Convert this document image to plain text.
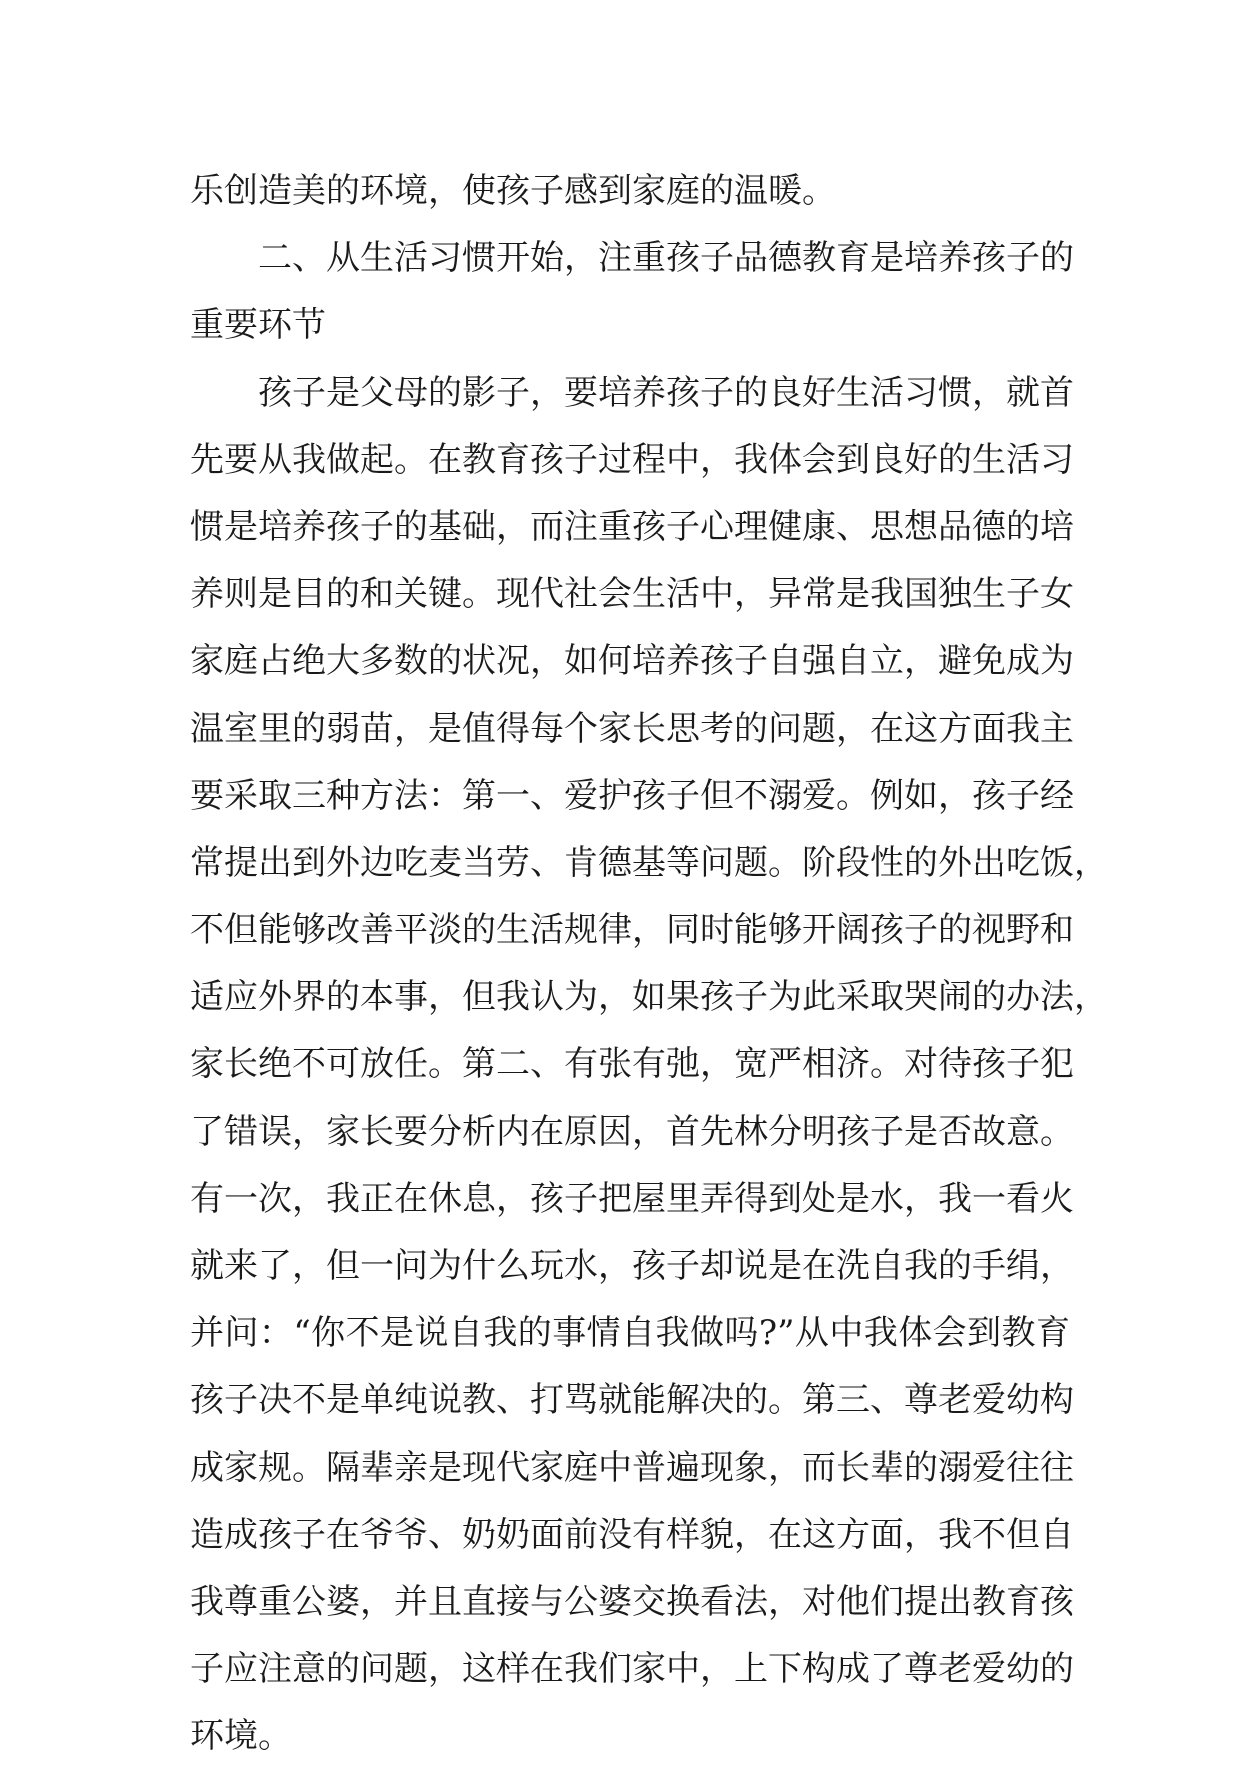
乐创造美的环境，使孩子感到家庭的温暖。
二、从生活习惯开始，注重孩子品德教育是培养孩子的
重要环节
孩子是父母的影子，要培养孩子的良好生活习惯，就首
先要从我做起。在教育孩子过程中，我体会到良好的生活习
惯是培养孩子的基础，而注重孩子心理健康、思想品德的培
养则是目的和关键。现代社会生活中，异常是我国独生子女
家庭占绝大多数的状况，如何培养孩子自强自立，避免成为
温室里的弱苗，是值得每个家长思考的问题，在这方面我主
要采取三种方法：第一、爱护孩子但不溺爱。例如，孩子经
常提出到外边吃麦当劳、肯德基等问题。阶段性的外出吃饭，
不但能够改善平淡的生活规律，同时能够开阔孩子的视野和
适应外界的本事，但我认为，如果孩子为此采取哭闹的办法，
家长绝不可放任。第二、有张有弛，宽严相济。对待孩子犯
了错误，家长要分析内在原因，首先林分明孩子是否故意。
有一次，我正在休息，孩子把屋里弄得到处是水，我一看火
就来了，但一问为什么玩水，孩子却说是在洗自我的手绢，
并问：“你不是说自我的事情自我做吗?”从中我体会到教育
孩子决不是单纯说教、打骂就能解决的。第三、尊老爱幼构
成家规。隔辈亲是现代家庭中普遍现象，而长辈的溺爱往往
造成孩子在爷爷、奶奶面前没有样貌，在这方面，我不但自
我尊重公婆，并且直接与公婆交换看法，对他们提出教育孩
子应注意的问题，这样在我们家中，上下构成了尊老爱幼的
环境。
